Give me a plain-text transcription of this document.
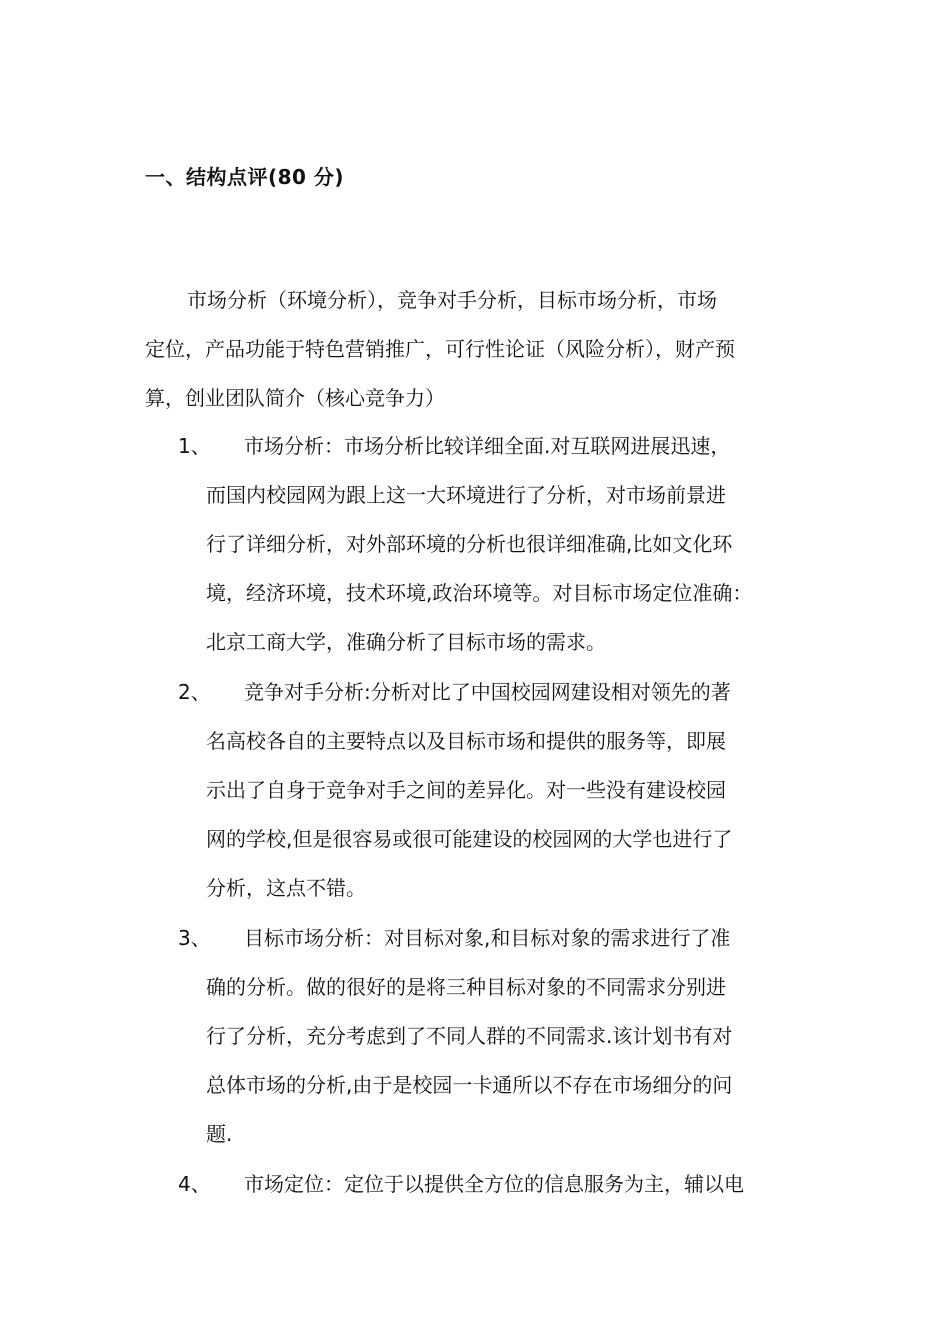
一、结构点评(80 分)
市场分析（环境分析），竞争对手分析，目标市场分析，市场
定位，产品功能于特色营销推广，可行性论证（风险分析），财产预
算，创业团队简介（核心竞争力）
1、 市场分析：市场分析比较详细全面.对互联网进展迅速，
而国内校园网为跟上这一大环境进行了分析，对市场前景进
行了详细分析，对外部环境的分析也很详细准确,比如文化环
境，经济环境，技术环境,政治环境等。对目标市场定位准确：
北京工商大学，准确分析了目标市场的需求。
2、 竞争对手分析:分析对比了中国校园网建设相对领先的著
名高校各自的主要特点以及目标市场和提供的服务等，即展
示出了自身于竞争对手之间的差异化。对一些没有建设校园
网的学校,但是很容易或很可能建设的校园网的大学也进行了
分析，这点不错。
3、 目标市场分析：对目标对象,和目标对象的需求进行了准
确的分析。做的很好的是将三种目标对象的不同需求分别进
行了分析，充分考虑到了不同人群的不同需求.该计划书有对
总体市场的分析,由于是校园一卡通所以不存在市场细分的问
题.
4、 市场定位：定位于以提供全方位的信息服务为主，辅以电
